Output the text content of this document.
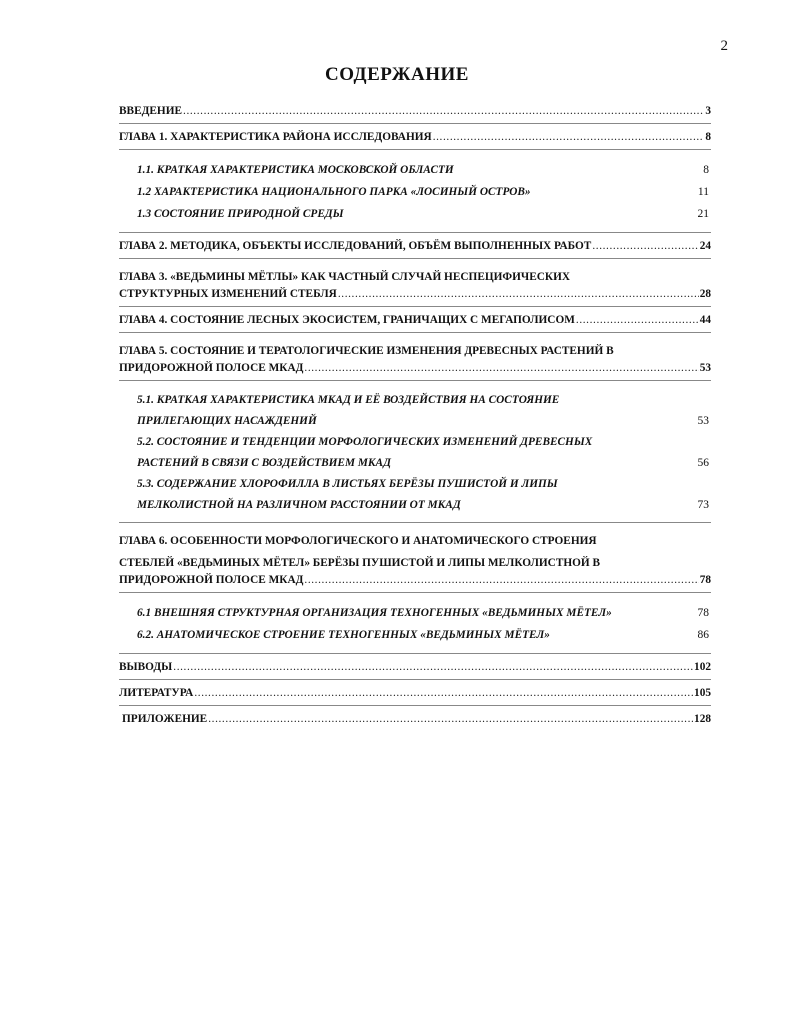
2
СОДЕРЖАНИЕ
ВВЕДЕНИЕ .....	3
ГЛАВА 1. ХАРАКТЕРИСТИКА РАЙОНА ИССЛЕДОВАНИЯ .....	8
1.1. КРАТКАЯ ХАРАКТЕРИСТИКА МОСКОВСКОЙ ОБЛАСТИ	8
1.2 ХАРАКТЕРИСТИКА НАЦИОНАЛЬНОГО ПАРКА «ЛОСИНЫЙ ОСТРОВ»	11
1.3 СОСТОЯНИЕ ПРИРОДНОЙ СРЕДЫ	21
ГЛАВА 2. МЕТОДИКА, ОБЪЕКТЫ ИССЛЕДОВАНИЙ, ОБЪЁМ ВЫПОЛНЕННЫХ РАБОТ .....	24
ГЛАВА 3. «ВЕДЬМИНЫ МЁТЛЫ» КАК ЧАСТНЫЙ СЛУЧАЙ НЕСПЕЦИФИЧЕСКИХ
СТРУКТУРНЫХ ИЗМЕНЕНИЙ СТЕБЛЯ .....	28
ГЛАВА 4. СОСТОЯНИЕ ЛЕСНЫХ ЭКОСИСТЕМ, ГРАНИЧАЩИХ С МЕГАПОЛИСОМ .....	44
ГЛАВА 5. СОСТОЯНИЕ И ТЕРАТОЛОГИЧЕСКИЕ ИЗМЕНЕНИЯ ДРЕВЕСНЫХ РАСТЕНИЙ В
ПРИДОРОЖНОЙ ПОЛОСЕ МКАД .....	53
5.1. КРАТКАЯ ХАРАКТЕРИСТИКА МКАД И ЕЁ ВОЗДЕЙСТВИЯ НА СОСТОЯНИЕ
ПРИЛЕГАЮЩИХ НАСАЖДЕНИЙ	53
5.2. СОСТОЯНИЕ И ТЕНДЕНЦИИ МОРФОЛОГИЧЕСКИХ ИЗМЕНЕНИЙ ДРЕВЕСНЫХ
РАСТЕНИЙ В СВЯЗИ С ВОЗДЕЙСТВИЕМ МКАД	56
5.3. СОДЕРЖАНИЕ ХЛОРОФИЛЛА В ЛИСТЬЯХ БЕРЁЗЫ ПУШИСТОЙ И ЛИПЫ
МЕЛКОЛИСТНОЙ НА РАЗЛИЧНОМ РАССТОЯНИИ ОТ МКАД	73
ГЛАВА 6. ОСОБЕННОСТИ МОРФОЛОГИЧЕСКОГО И АНАТОМИЧЕСКОГО СТРОЕНИЯ
СТЕБЛЕЙ «ВЕДЬМИНЫХ МЁТЕЛ» БЕРЁЗЫ ПУШИСТОЙ И ЛИПЫ МЕЛКОЛИСТНОЙ В
ПРИДОРОЖНОЙ ПОЛОСЕ МКАД .....	78
6.1 ВНЕШНЯЯ СТРУКТУРНАЯ ОРГАНИЗАЦИЯ ТЕХНОГЕННЫХ «ВЕДЬМИНЫХ МЁТЕЛ»	78
6.2. АНАТОМИЧЕСКОЕ СТРОЕНИЕ ТЕХНОГЕННЫХ «ВЕДЬМИНЫХ МЁТЕЛ»	86
ВЫВОДЫ .....	102
ЛИТЕРАТУРА .....	105
ПРИЛОЖЕНИЕ .....	128
